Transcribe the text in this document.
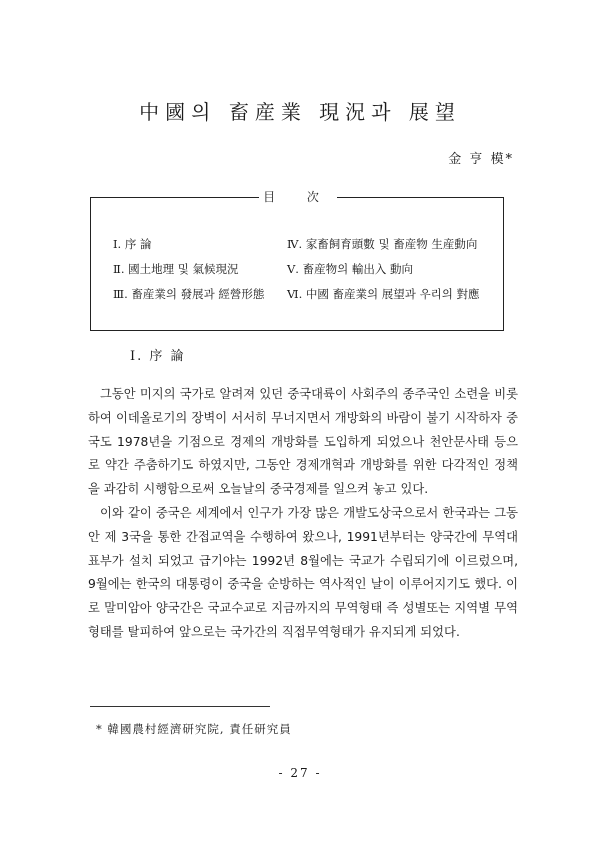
中國의 畜産業 現況과 展望
金 亨 模*
目 次
Ⅰ. 序 論
Ⅱ. 國土地理 및 氣候現況
Ⅲ. 畜産業의 發展과 經營形態
Ⅳ. 家畜飼育頭數 및 畜産物 生産動向
Ⅴ. 畜産物의 輸出入 動向
Ⅵ. 中國 畜産業의 展望과 우리의 對應
Ⅰ. 序 論

그동안 미지의 국가로 알려져 있던 중국대륙이 사회주의 종주국인 소련을 비롯하여 이데올로기의 장벽이 서서히 무너지면서 개방화의 바람이 불기 시작하자 중국도 1978년을 기점으로 경제의 개방화를 도입하게 되었으나 천안문사태 등으로 약간 주춤하기도 하였지만, 그동안 경제개혁과 개방화를 위한 다각적인 정책을 과감히 시행함으로써 오늘날의 중국경제를 일으켜 놓고 있다.

이와 같이 중국은 세계에서 인구가 가장 많은 개발도상국으로서 한국과는 그동안 제 3국을 통한 간접교역을 수행하여 왔으나, 1991년부터는 양국간에 무역대표부가 설치 되었고 급기야는 1992년 8월에는 국교가 수립되기에 이르렀으며, 9월에는 한국의 대통령이 중국을 순방하는 역사적인 날이 이루어지기도 했다. 이로 말미암아 양국간은 국교수교로 지금까지의 무역형태 즉 성별또는 지역별 무역형태를 탈피하여 앞으로는 국가간의 직접무역형태가 유지되게 되었다.

* 韓國農村經濟研究院, 責任研究員
- 27 -
